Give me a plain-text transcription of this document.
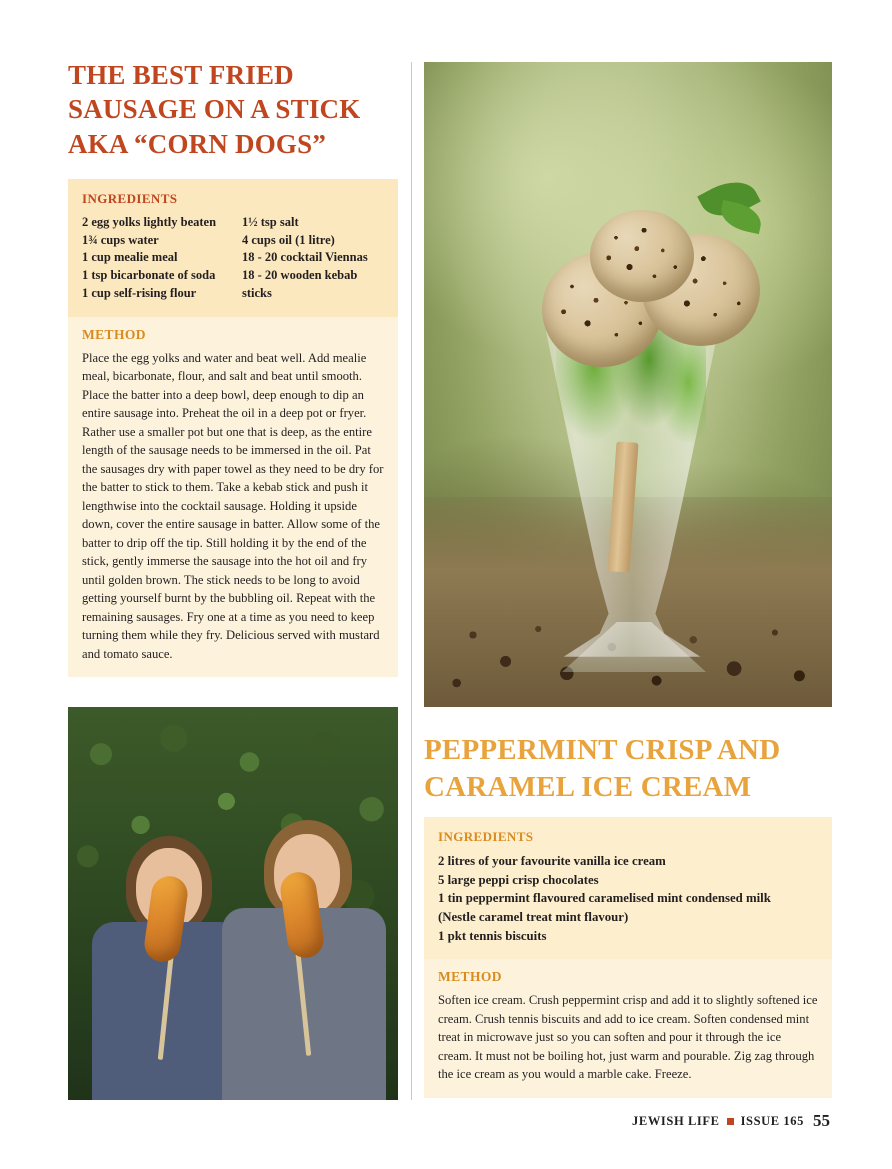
THE BEST FRIED SAUSAGE ON A STICK AKA “CORN DOGS”
INGREDIENTS
2 egg yolks lightly beaten
1¾ cups water
1 cup mealie meal
1 tsp bicarbonate of soda
1 cup self-rising flour
1½ tsp salt
4 cups oil (1 litre)
18 - 20 cocktail Viennas
18 - 20 wooden kebab sticks
METHOD
Place the egg yolks and water and beat well. Add mealie meal, bicarbonate, flour, and salt and beat until smooth. Place the batter into a deep bowl, deep enough to dip an entire sausage into. Preheat the oil in a deep pot or fryer. Rather use a smaller pot but one that is deep, as the entire length of the sausage needs to be immersed in the oil. Pat the sausages dry with paper towel as they need to be dry for the batter to stick to them. Take a kebab stick and push it lengthwise into the cocktail sausage. Holding it upside down, cover the entire sausage in batter. Allow some of the batter to drip off the tip. Still holding it by the end of the stick, gently immerse the sausage into the hot oil and fry until golden brown. The stick needs to be long to avoid getting yourself burnt by the bubbling oil. Repeat with the remaining sausages. Fry one at a time as you need to keep turning them while they fry. Delicious served with mustard and tomato sauce.
PEPPERMINT CRISP AND CARAMEL ICE CREAM
INGREDIENTS
2 litres of your favourite vanilla ice cream
5 large peppi crisp chocolates
1 tin peppermint flavoured caramelised mint condensed milk
(Nestle caramel treat mint flavour)
1 pkt tennis biscuits
METHOD
Soften ice cream. Crush peppermint crisp and add it to slightly softened ice cream. Crush tennis biscuits and add to ice cream. Soften condensed mint treat in microwave just so you can soften and pour it through the ice cream. It must not be boiling hot, just warm and pourable. Zig zag through the ice cream as you would a marble cake. Freeze.
JEWISH LIFE ISSUE 165 55
